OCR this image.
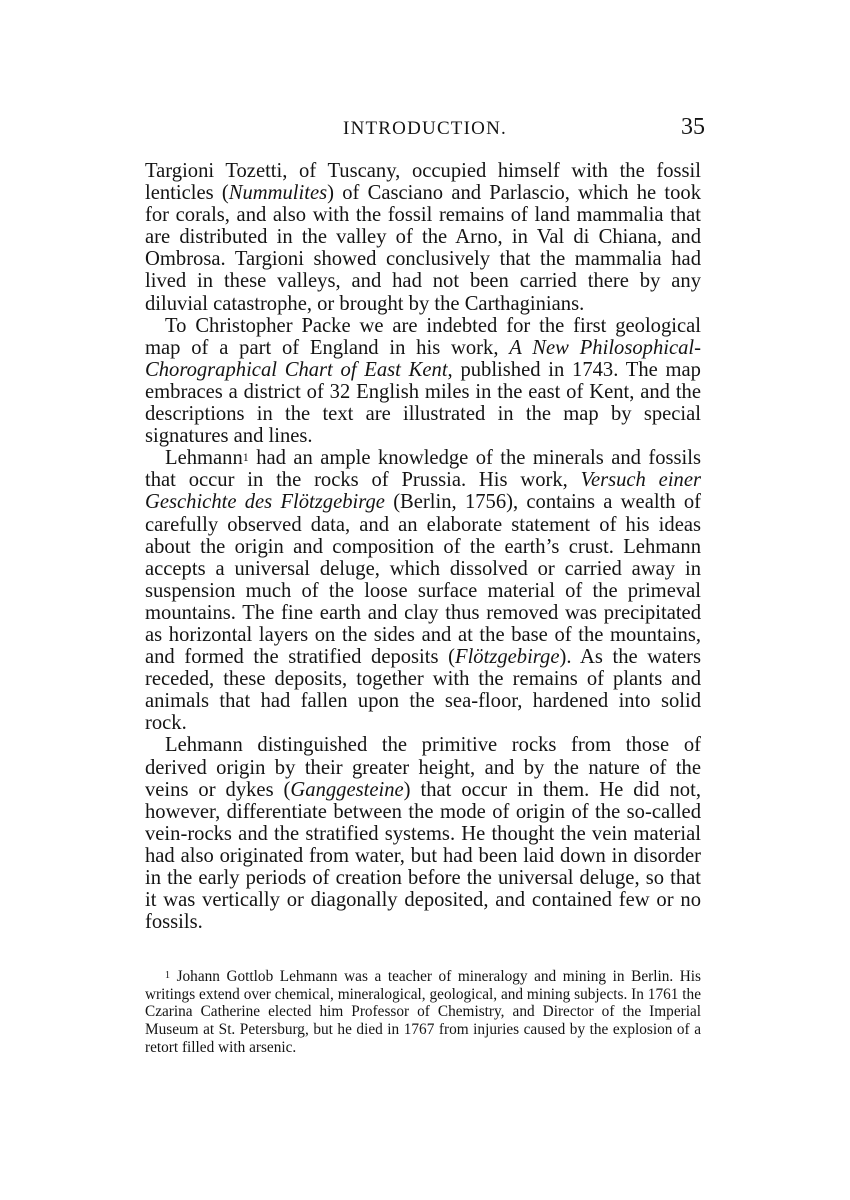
INTRODUCTION.	35

Targioni Tozetti, of Tuscany, occupied himself with the fossil lenticles (Nummulites) of Casciano and Parlascio, which he took for corals, and also with the fossil remains of land mammalia that are distributed in the valley of the Arno, in Val di Chiana, and Ombrosa. Targioni showed conclusively that the mammalia had lived in these valleys, and had not been carried there by any diluvial catastrophe, or brought by the Carthaginians.

To Christopher Packe we are indebted for the first geological map of a part of England in his work, A New Philosophical-Chorographical Chart of East Kent, published in 1743. The map embraces a district of 32 English miles in the east of Kent, and the descriptions in the text are illustrated in the map by special signatures and lines.

Lehmann$^1$ had an ample knowledge of the minerals and fossils that occur in the rocks of Prussia. His work, Versuch einer Geschichte des Flötzgebirge (Berlin, 1756), contains a wealth of carefully observed data, and an elaborate statement of his ideas about the origin and composition of the earth’s crust. Lehmann accepts a universal deluge, which dissolved or carried away in suspension much of the loose surface material of the primeval mountains. The fine earth and clay thus removed was precipitated as horizontal layers on the sides and at the base of the mountains, and formed the stratified deposits (Flötzgebirge). As the waters receded, these deposits, together with the remains of plants and animals that had fallen upon the sea-floor, hardened into solid rock.

Lehmann distinguished the primitive rocks from those of derived origin by their greater height, and by the nature of the veins or dykes (Ganggesteine) that occur in them. He did not, however, differentiate between the mode of origin of the so-called vein-rocks and the stratified systems. He thought the vein material had also originated from water, but had been laid down in disorder in the early periods of creation before the universal deluge, so that it was vertically or diagonally deposited, and contained few or no fossils.

$^1$ Johann Gottlob Lehmann was a teacher of mineralogy and mining in Berlin. His writings extend over chemical, mineralogical, geological, and mining subjects. In 1761 the Czarina Catherine elected him Professor of Chemistry, and Director of the Imperial Museum at St. Petersburg, but he died in 1767 from injuries caused by the explosion of a retort filled with arsenic.
